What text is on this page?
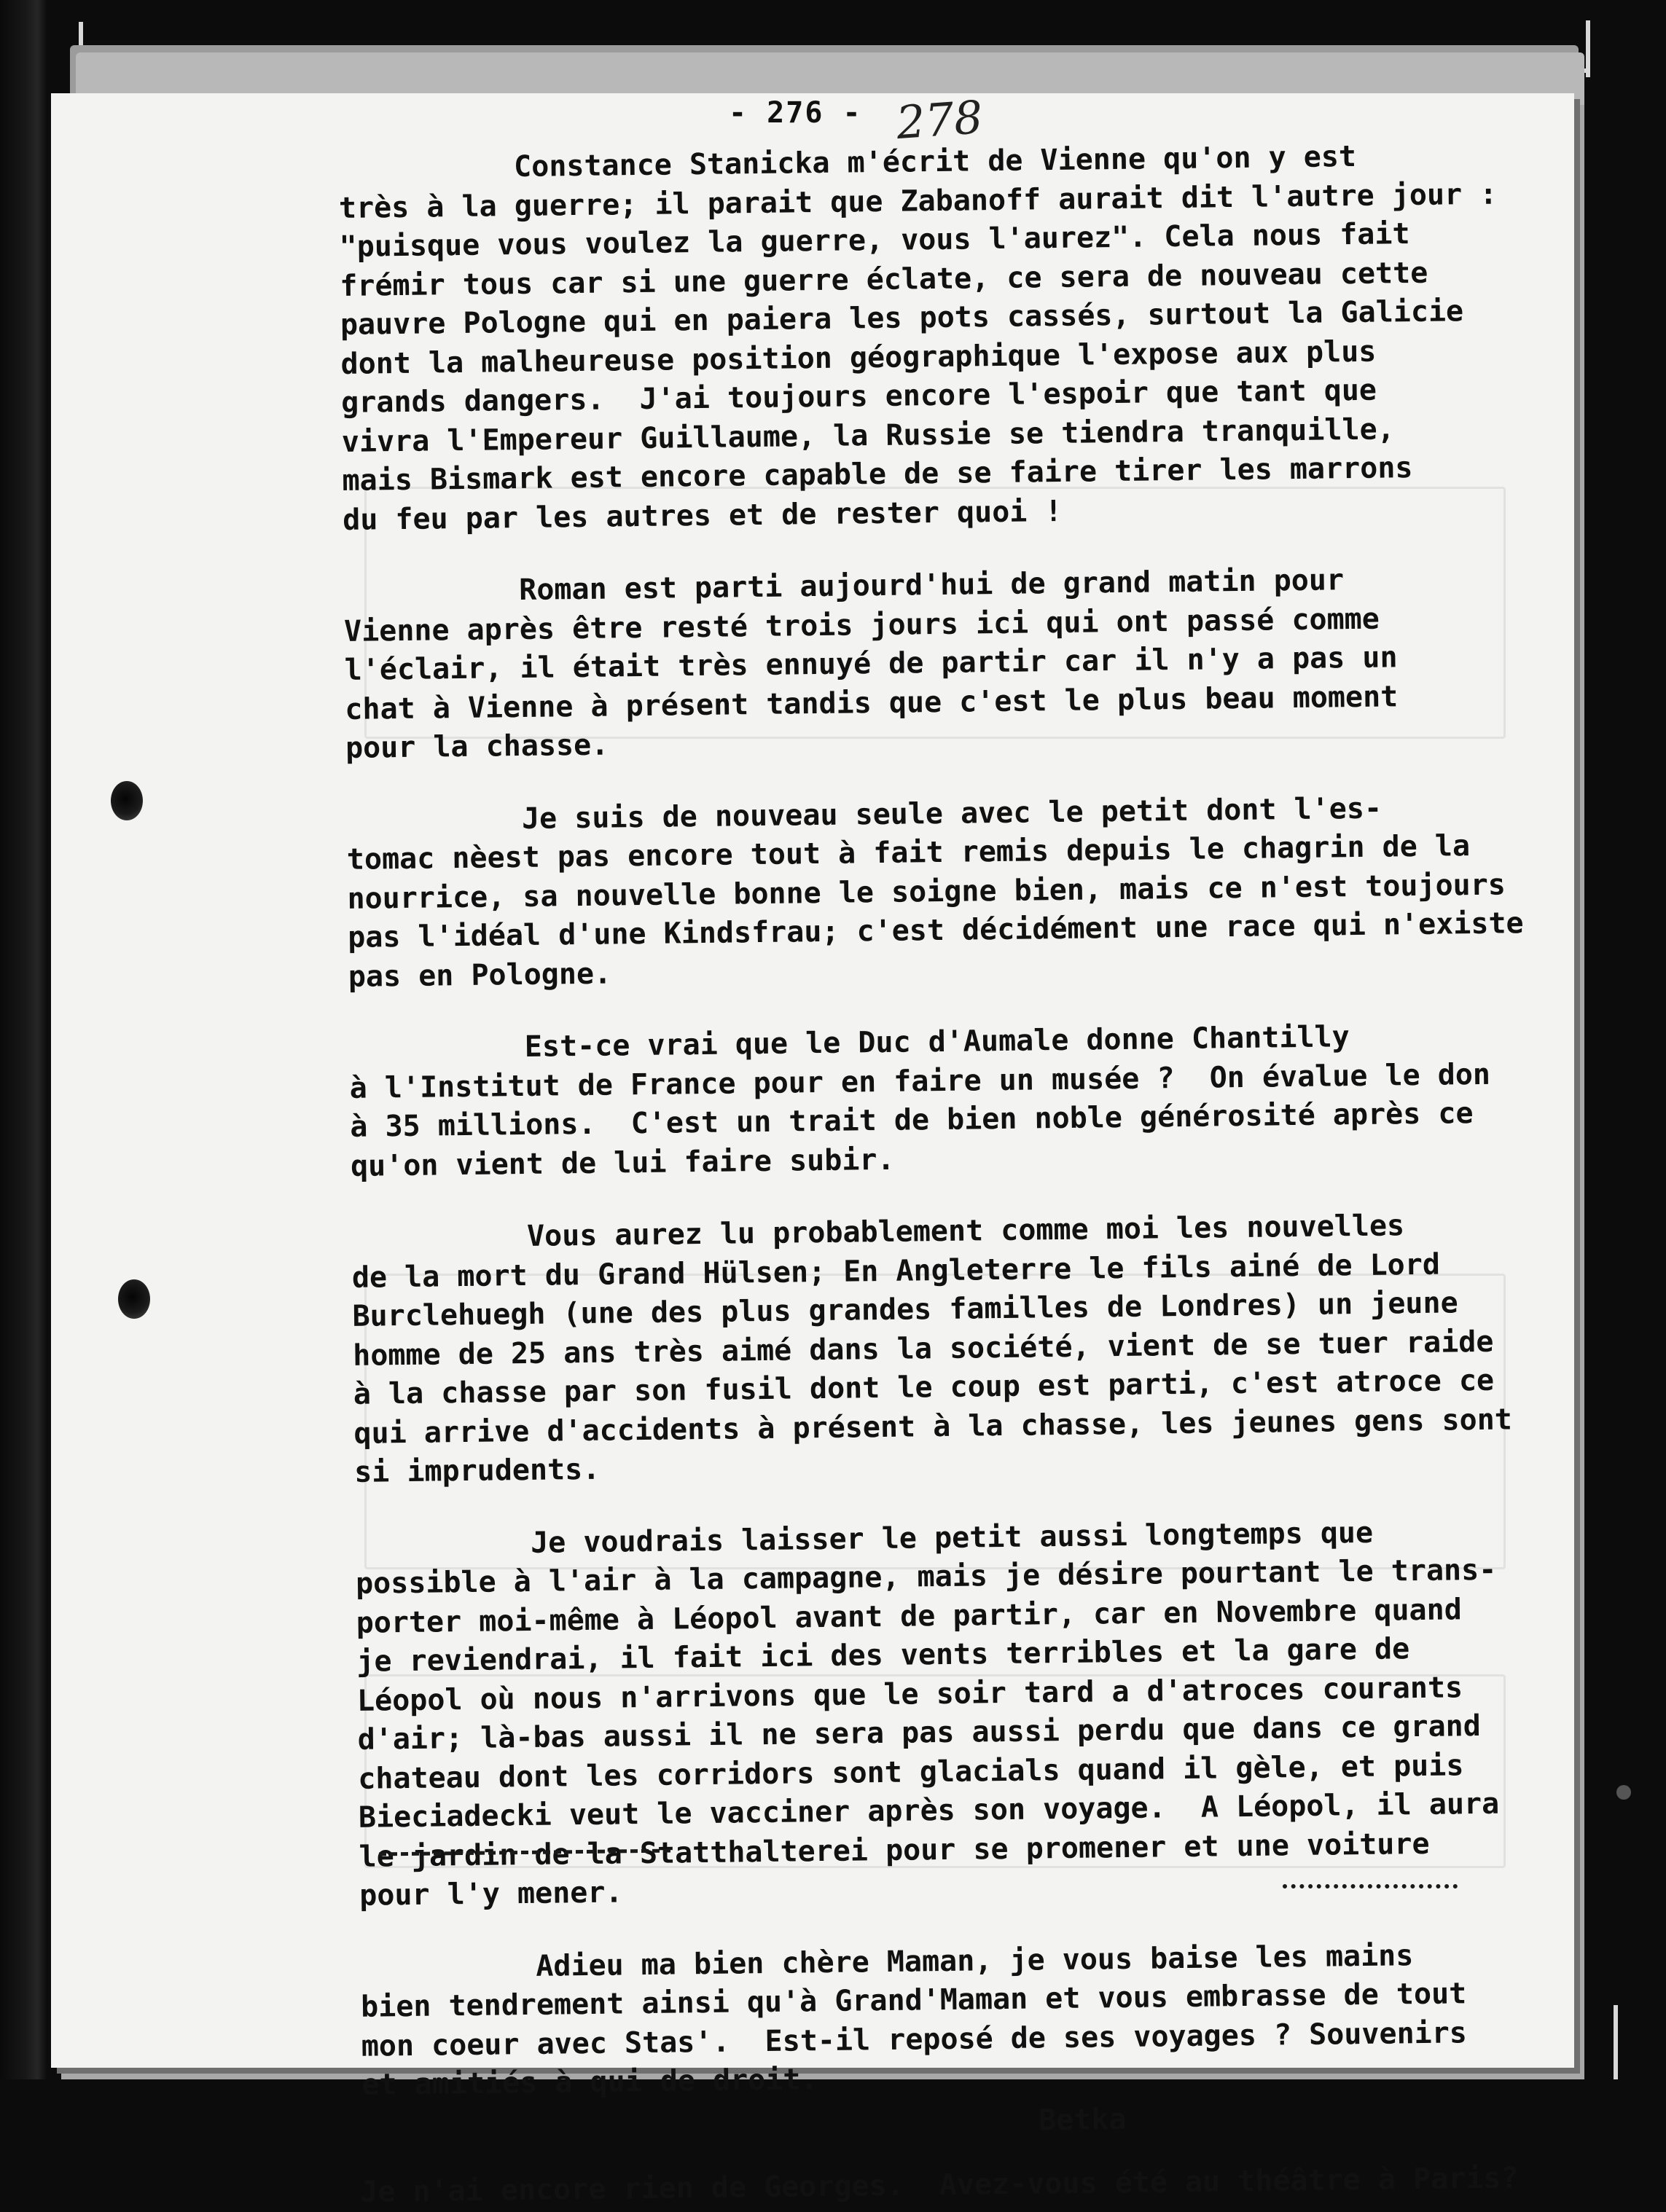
- 276 - 278
Constance Stanicka m'écrit de Vienne qu'on y est
très à la guerre; il parait que Zabanoff aurait dit l'autre jour :
"puisque vous voulez la guerre, vous l'aurez". Cela nous fait
frémir tous car si une guerre éclate, ce sera de nouveau cette
pauvre Pologne qui en paiera les pots cassés, surtout la Galicie
dont la malheureuse position géographique l'expose aux plus
grands dangers.  J'ai toujours encore l'espoir que tant que
vivra l'Empereur Guillaume, la Russie se tiendra tranquille,
mais Bismark est encore capable de se faire tirer les marrons
du feu par les autres et de rester quoi !
Roman est parti aujourd'hui de grand matin pour
Vienne après être resté trois jours ici qui ont passé comme
l'éclair, il était très ennuyé de partir car il n'y a pas un
chat à Vienne à présent tandis que c'est le plus beau moment
pour la chasse.
Je suis de nouveau seule avec le petit dont l'es-
tomac nèest pas encore tout à fait remis depuis le chagrin de la
nourrice, sa nouvelle bonne le soigne bien, mais ce n'est toujours
pas l'idéal d'une Kindsfrau; c'est décidément une race qui n'existe
pas en Pologne.
Est-ce vrai que le Duc d'Aumale donne Chantilly
à l'Institut de France pour en faire un musée ?  On évalue le don
à 35 millions.  C'est un trait de bien noble générosité après ce
qu'on vient de lui faire subir.
Vous aurez lu probablement comme moi les nouvelles
de la mort du Grand Hülsen; En Angleterre le fils ainé de Lord
Burclehuegh (une des plus grandes familles de Londres) un jeune
homme de 25 ans très aimé dans la société, vient de se tuer raide
à la chasse par son fusil dont le coup est parti, c'est atroce ce
qui arrive d'accidents à présent à la chasse, les jeunes gens sont
si imprudents.
Je voudrais laisser le petit aussi longtemps que
possible à l'air à la campagne, mais je désire pourtant le trans-
porter moi-même à Léopol avant de partir, car en Novembre quand
je reviendrai, il fait ici des vents terribles et la gare de
Léopol où nous n'arrivons que le soir tard a d'atroces courants
d'air; là-bas aussi il ne sera pas aussi perdu que dans ce grand
chateau dont les corridors sont glacials quand il gèle, et puis
Bieciadecki veut le vacciner après son voyage.  A Léopol, il aura
le jardin de la Statthalterei pour se promener et une voiture
pour l'y mener.
Adieu ma bien chère Maman, je vous baise les mains
bien tendrement ainsi qu'à Grand'Maman et vous embrasse de tout
mon coeur avec Stas'.  Est-il reposé de ses voyages ? Souvenirs
et amitiés à qui de droit.
Betka
Je n'ai encore rien de Georges.  Avez-vous été au théâtre à Paris?
